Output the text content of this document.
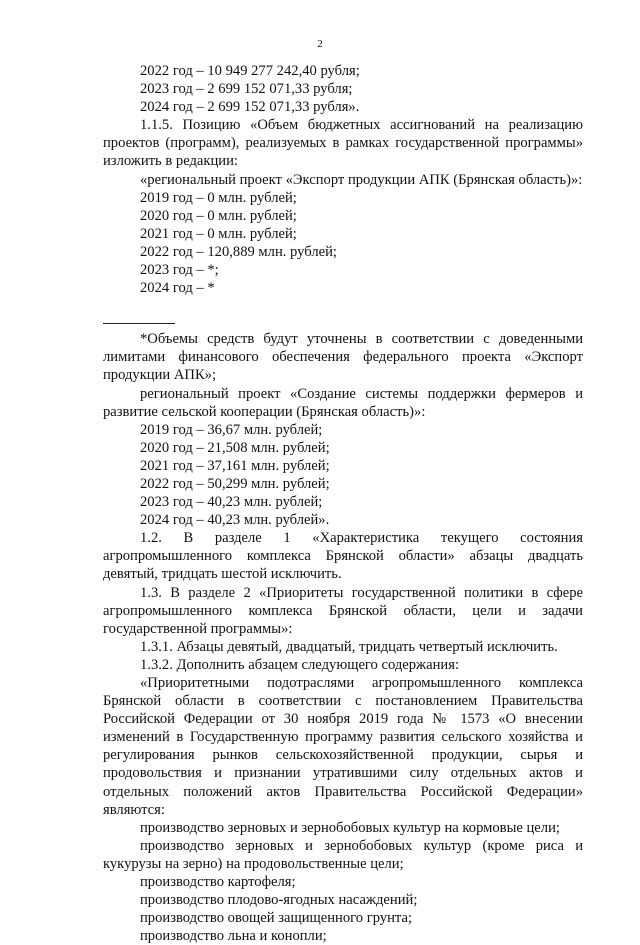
2

2022 год – 10 949 277 242,40 рубля;

2023 год – 2 699 152 071,33 рубля;

2024 год – 2 699 152 071,33 рубля».

1.1.5. Позицию «Объем бюджетных ассигнований на реализацию проектов (программ), реализуемых в рамках государственной программы» изложить в редакции:

«региональный проект «Экспорт продукции АПК (Брянская область)»:

2019 год – 0 млн. рублей;

2020 год – 0 млн. рублей;

2021 год – 0 млн. рублей;

2022 год – 120,889 млн. рублей;

2023 год – *;

2024 год – *

*Объемы средств будут уточнены в соответствии с доведенными лимитами финансового обеспечения федерального проекта «Экспорт продукции АПК»;

региональный проект «Создание системы поддержки фермеров и развитие сельской кооперации (Брянская область)»:

2019 год – 36,67 млн. рублей;

2020 год – 21,508 млн. рублей;

2021 год – 37,161 млн. рублей;

2022 год – 50,299 млн. рублей;

2023 год – 40,23 млн. рублей;

2024 год – 40,23 млн. рублей».

1.2. В разделе 1 «Характеристика текущего состояния агропромышленного комплекса Брянской области» абзацы двадцать девятый, тридцать шестой исключить.

1.3. В разделе 2 «Приоритеты государственной политики в сфере агропромышленного комплекса Брянской области, цели и задачи государственной программы»:

1.3.1. Абзацы девятый, двадцатый, тридцать четвертый исключить.

1.3.2. Дополнить абзацем следующего содержания:

«Приоритетными подотраслями агропромышленного комплекса Брянской области в соответствии с постановлением Правительства Российской Федерации от 30 ноября 2019 года № 1573 «О внесении изменений в Государственную программу развития сельского хозяйства и регулирования рынков сельскохозяйственной продукции, сырья и продовольствия и признании утратившими силу отдельных актов и отдельных положений актов Правительства Российской Федерации» являются:

производство зерновых и зернобобовых культур на кормовые цели;

производство зерновых и зернобобовых культур (кроме риса и кукурузы на зерно) на продовольственные цели;

производство картофеля;

производство плодово-ягодных насаждений;

производство овощей защищенного грунта;

производство льна и конопли;
